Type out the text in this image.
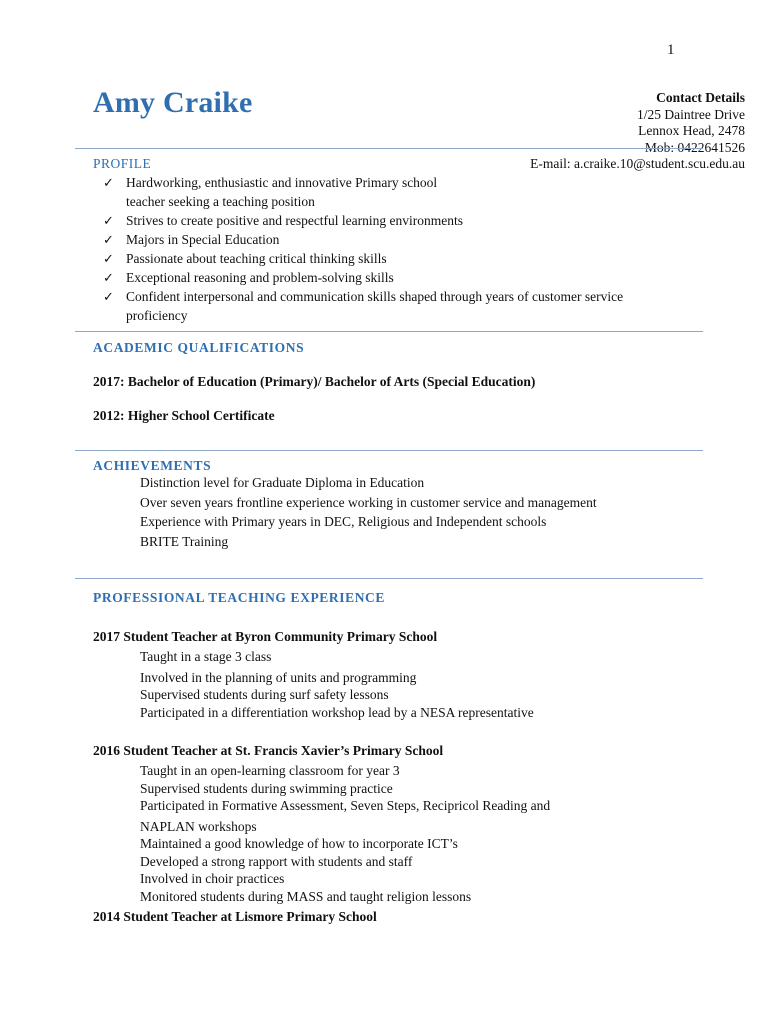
1
Amy Craike	Contact Details
1/25 Daintree Drive
Lennox Head, 2478
Mob: 0422641526
E-mail: a.craike.10@student.scu.edu.au
PROFILE
✓ Hardworking, enthusiastic and innovative Primary school teacher seeking a teaching position
✓ Strives to create positive and respectful learning environments
✓ Majors in Special Education
✓ Passionate about teaching critical thinking skills
✓ Exceptional reasoning and problem-solving skills
✓ Confident interpersonal and communication skills shaped through years of customer service proficiency
ACADEMIC QUALIFICATIONS
2017: Bachelor of Education (Primary)/ Bachelor of Arts (Special Education)
2012: Higher School Certificate
ACHIEVEMENTS
Distinction level for Graduate Diploma in Education
Over seven years frontline experience working in customer service and management
Experience with Primary years in DEC, Religious and Independent schools
BRITE Training
PROFESSIONAL TEACHING EXPERIENCE
2017 Student Teacher at Byron Community Primary School
Taught in a stage 3 class
Involved in the planning of units and programming
Supervised students during surf safety lessons
Participated in a differentiation workshop lead by a NESA representative
2016 Student Teacher at St. Francis Xavier’s Primary School
Taught in an open-learning classroom for year 3
Supervised students during swimming practice
Participated in Formative Assessment, Seven Steps, Recipricol Reading and
NAPLAN workshops
Maintained a good knowledge of how to incorporate ICT’s
Developed a strong rapport with students and staff
Involved in choir practices
Monitored students during MASS and taught religion lessons
2014 Student Teacher at Lismore Primary School
